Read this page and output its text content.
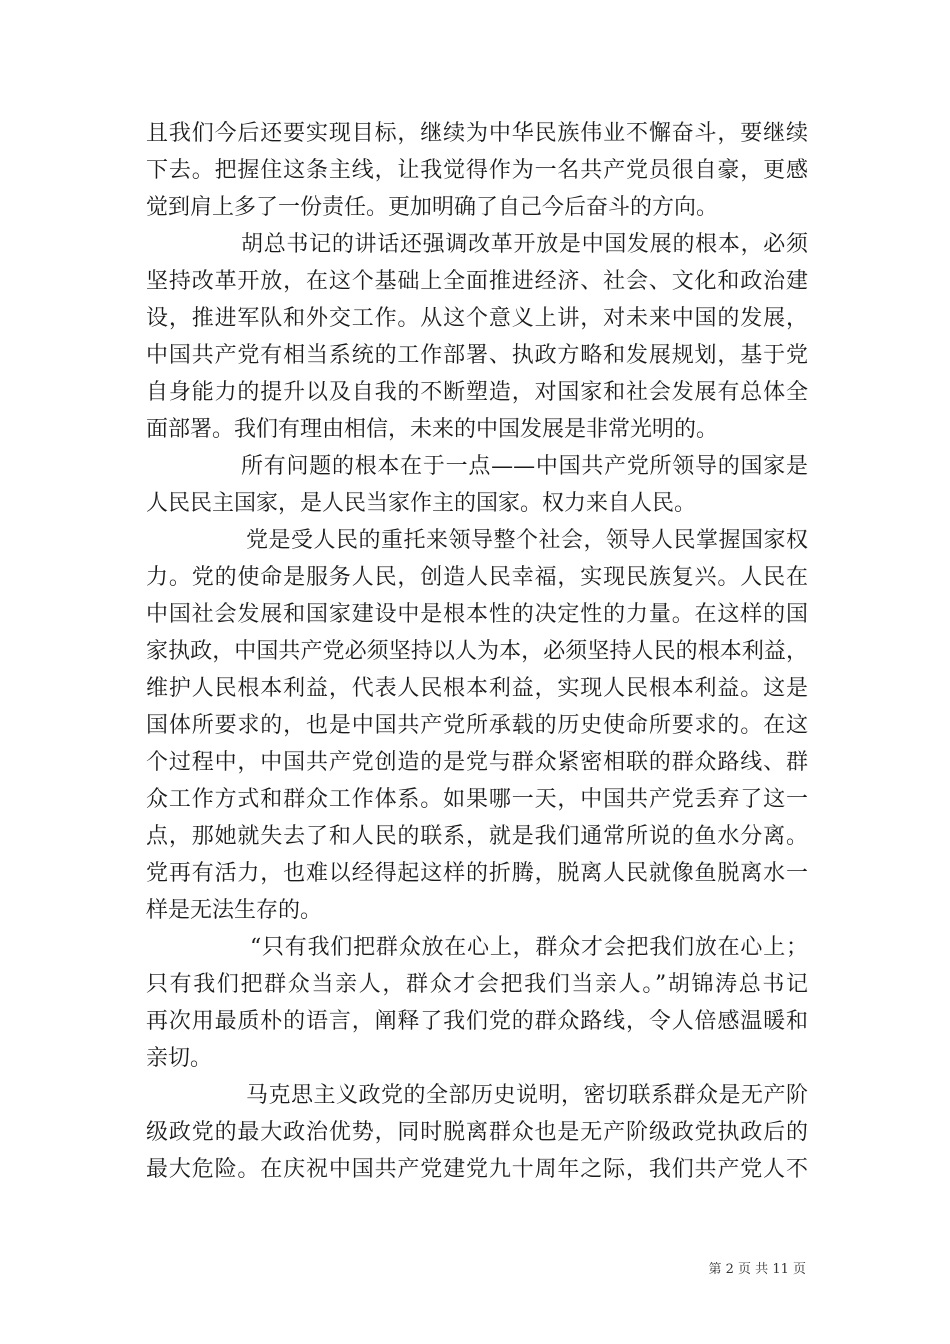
且我们今后还要实现目标，继续为中华民族伟业不懈奋斗，要继续
下去。把握住这条主线，让我觉得作为一名共产党员很自豪，更感
觉到肩上多了一份责任。更加明确了自己今后奋斗的方向。
胡总书记的讲话还强调改革开放是中国发展的根本，必须
坚持改革开放，在这个基础上全面推进经济、社会、文化和政治建
设，推进军队和外交工作。从这个意义上讲，对未来中国的发展，
中国共产党有相当系统的工作部署、执政方略和发展规划，基于党
自身能力的提升以及自我的不断塑造，对国家和社会发展有总体全
面部署。我们有理由相信，未来的中国发展是非常光明的。
所有问题的根本在于一点——中国共产党所领导的国家是
人民民主国家，是人民当家作主的国家。权力来自人民。
党是受人民的重托来领导整个社会，领导人民掌握国家权
力。党的使命是服务人民，创造人民幸福，实现民族复兴。人民在
中国社会发展和国家建设中是根本性的决定性的力量。在这样的国
家执政，中国共产党必须坚持以人为本，必须坚持人民的根本利益，
维护人民根本利益，代表人民根本利益，实现人民根本利益。这是
国体所要求的，也是中国共产党所承载的历史使命所要求的。在这
个过程中，中国共产党创造的是党与群众紧密相联的群众路线、群
众工作方式和群众工作体系。如果哪一天，中国共产党丢弃了这一
点，那她就失去了和人民的联系，就是我们通常所说的鱼水分离。
党再有活力，也难以经得起这样的折腾，脱离人民就像鱼脱离水一
样是无法生存的。
“只有我们把群众放在心上，群众才会把我们放在心上；
只有我们把群众当亲人，群众才会把我们当亲人。”胡锦涛总书记
再次用最质朴的语言，阐释了我们党的群众路线，令人倍感温暖和
亲切。
马克思主义政党的全部历史说明，密切联系群众是无产阶
级政党的最大政治优势，同时脱离群众也是无产阶级政党执政后的
最大危险。在庆祝中国共产党建党九十周年之际，我们共产党人不
第 2 页 共 11 页
